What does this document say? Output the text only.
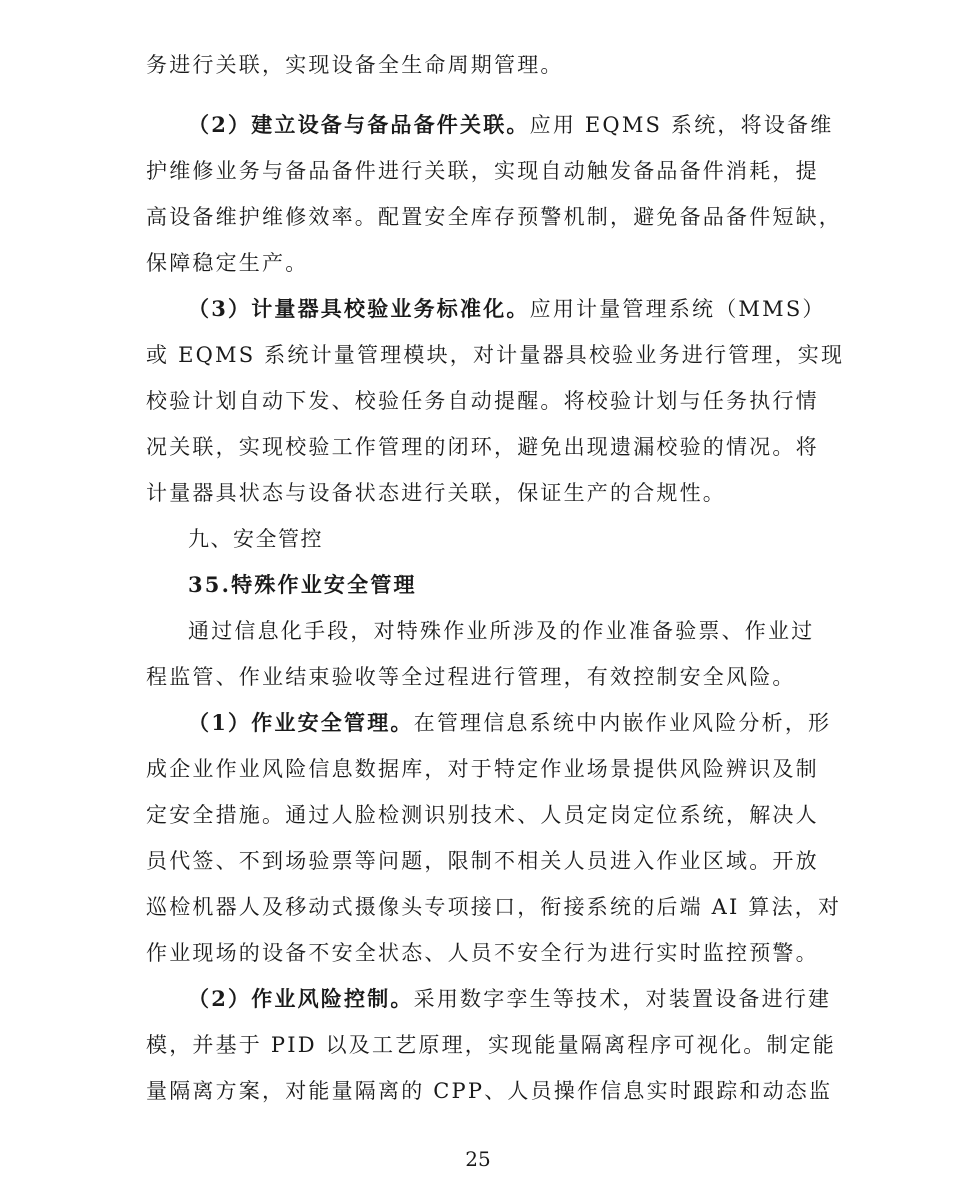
务进行关联，实现设备全生命周期管理。
（2）建立设备与备品备件关联。应用 EQMS 系统，将设备维
护维修业务与备品备件进行关联，实现自动触发备品备件消耗，提
高设备维护维修效率。配置安全库存预警机制，避免备品备件短缺，
保障稳定生产。
（3）计量器具校验业务标准化。应用计量管理系统（MMS）
或 EQMS 系统计量管理模块，对计量器具校验业务进行管理，实现
校验计划自动下发、校验任务自动提醒。将校验计划与任务执行情
况关联，实现校验工作管理的闭环，避免出现遗漏校验的情况。将
计量器具状态与设备状态进行关联，保证生产的合规性。
九、安全管控
35.特殊作业安全管理
通过信息化手段，对特殊作业所涉及的作业准备验票、作业过
程监管、作业结束验收等全过程进行管理，有效控制安全风险。
（1）作业安全管理。在管理信息系统中内嵌作业风险分析，形
成企业作业风险信息数据库，对于特定作业场景提供风险辨识及制
定安全措施。通过人脸检测识别技术、人员定岗定位系统，解决人
员代签、不到场验票等问题，限制不相关人员进入作业区域。开放
巡检机器人及移动式摄像头专项接口，衔接系统的后端 AI 算法，对
作业现场的设备不安全状态、人员不安全行为进行实时监控预警。
（2）作业风险控制。采用数字孪生等技术，对装置设备进行建
模，并基于 PID 以及工艺原理，实现能量隔离程序可视化。制定能
量隔离方案，对能量隔离的 CPP、人员操作信息实时跟踪和动态监
25
